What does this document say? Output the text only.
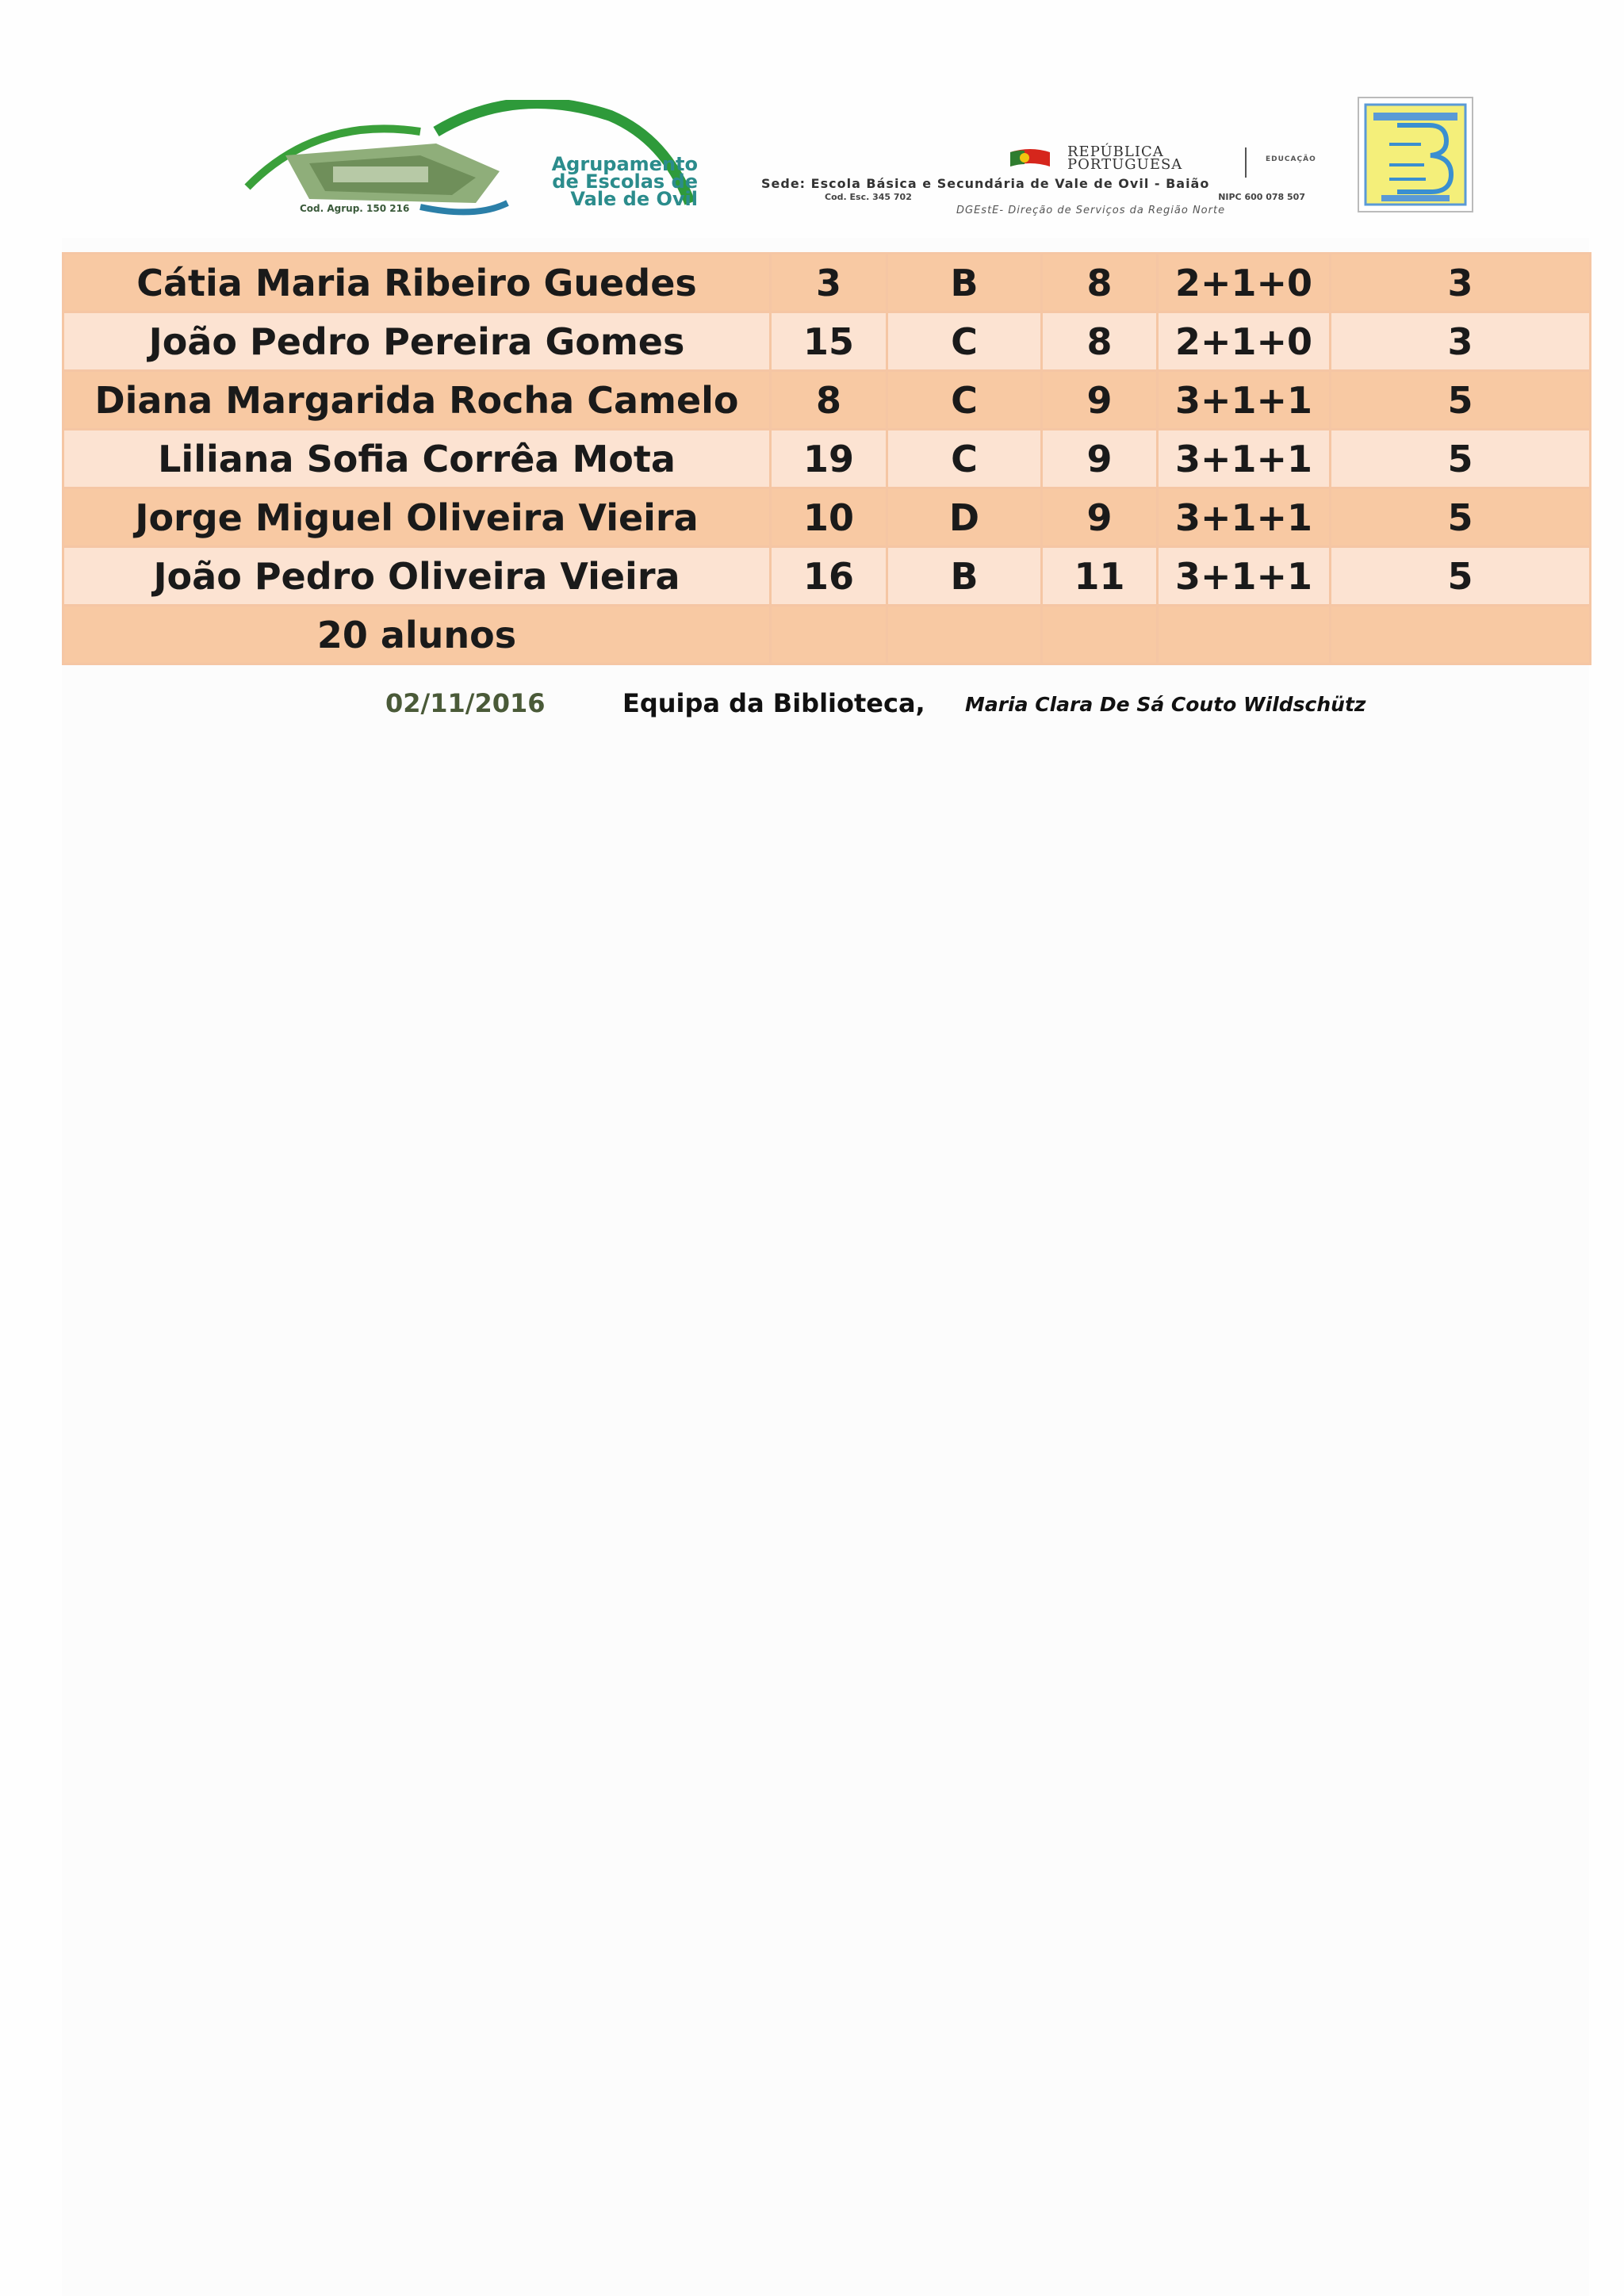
Agrupamento
de Escolas de
Vale de Ovil
Cod. Agrup. 150 216
REPÚBLICA
PORTUGUESA	EDUCAÇÃO
Sede: Escola Básica e Secundária de Vale de Ovil - Baião
Cod. Esc. 345 702	NIPC 600 078 507
DGEstE- Direção de Serviços da Região Norte
Cátia Maria Ribeiro Guedes	3	B	8	2+1+0	3
João Pedro Pereira Gomes	15	C	8	2+1+0	3
Diana Margarida Rocha Camelo	8	C	9	3+1+1	5
Liliana Sofia Corrêa Mota	19	C	9	3+1+1	5
Jorge Miguel Oliveira Vieira	10	D	9	3+1+1	5
João Pedro Oliveira Vieira	16	B	11	3+1+1	5
20 alunos					
02/11/2016	Equipa da Biblioteca, Maria Clara De Sá Couto Wildschütz
